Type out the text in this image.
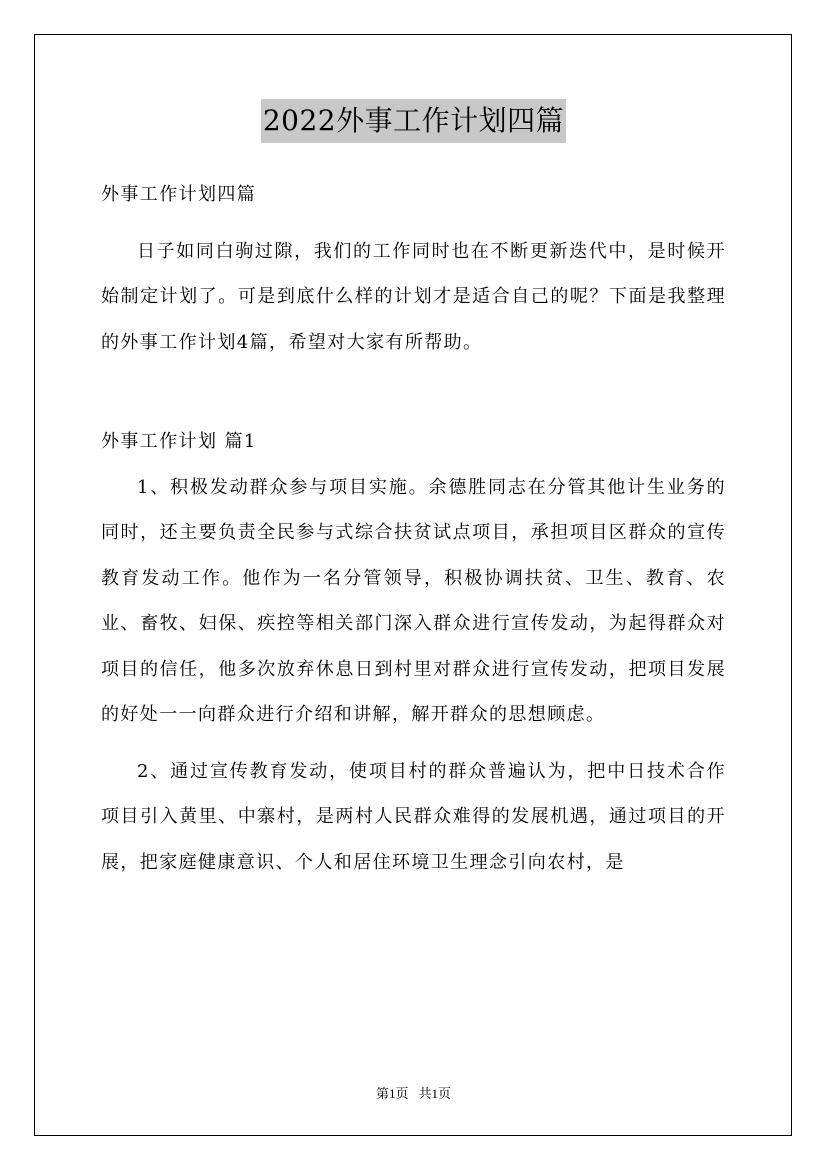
2022外事工作计划四篇

外事工作计划四篇

日子如同白驹过隙，我们的工作同时也在不断更新迭代中，是时候开始制定计划了。可是到底什么样的计划才是适合自己的呢？下面是我整理的外事工作计划4篇，希望对大家有所帮助。

外事工作计划 篇1

1、积极发动群众参与项目实施。余德胜同志在分管其他计生业务的同时，还主要负责全民参与式综合扶贫试点项目，承担项目区群众的宣传教育发动工作。他作为一名分管领导，积极协调扶贫、卫生、教育、农业、畜牧、妇保、疾控等相关部门深入群众进行宣传发动，为起得群众对项目的信任，他多次放弃休息日到村里对群众进行宣传发动，把项目发展的好处一一向群众进行介绍和讲解，解开群众的思想顾虑。

2、通过宣传教育发动，使项目村的群众普遍认为，把中日技术合作项目引入黄里、中寨村，是两村人民群众难得的发展机遇，通过项目的开展，把家庭健康意识、个人和居住环境卫生理念引向农村，是

第1页 共1页
